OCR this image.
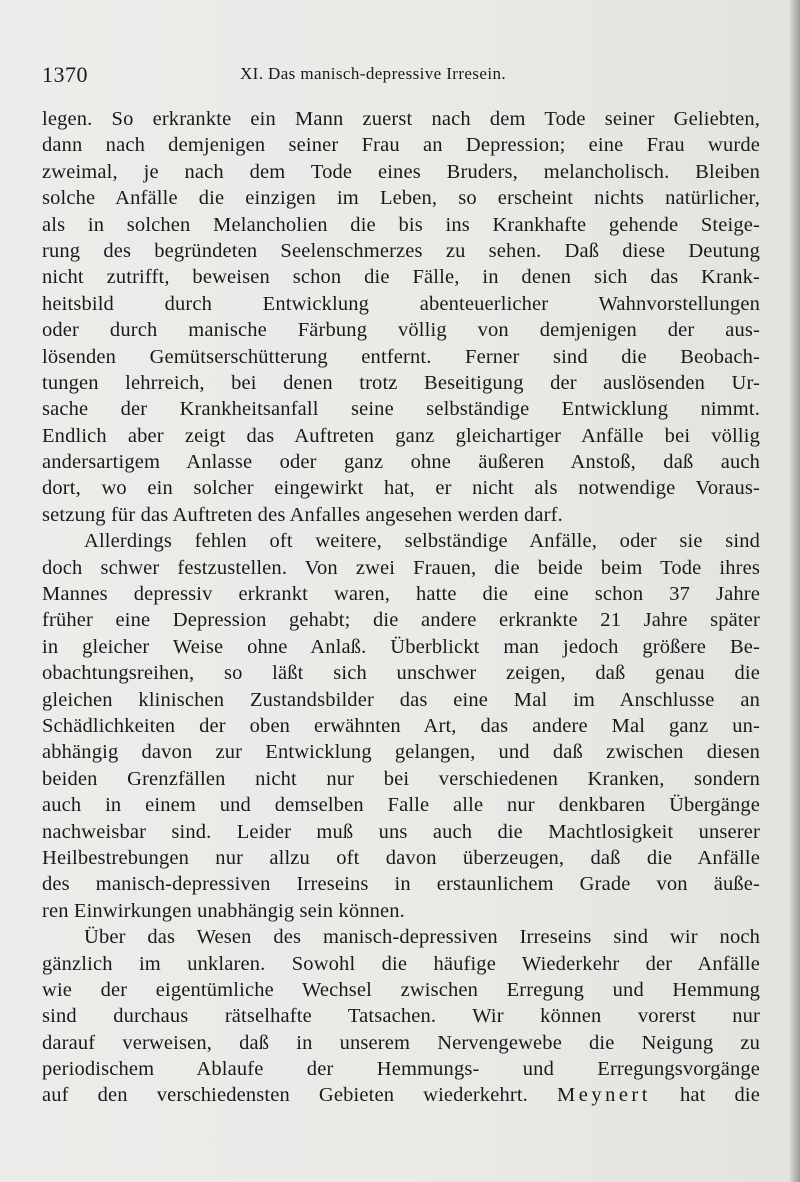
1370	XI. Das manisch-depressive Irresein.
legen. So erkrankte ein Mann zuerst nach dem Tode seiner Geliebten,
dann nach demjenigen seiner Frau an Depression; eine Frau wurde
zweimal, je nach dem Tode eines Bruders, melancholisch. Bleiben
solche Anfälle die einzigen im Leben, so erscheint nichts natürlicher,
als in solchen Melancholien die bis ins Krankhafte gehende Steige-
rung des begründeten Seelenschmerzes zu sehen. Daß diese Deutung
nicht zutrifft, beweisen schon die Fälle, in denen sich das Krank-
heitsbild durch Entwicklung abenteuerlicher Wahnvorstellungen
oder durch manische Färbung völlig von demjenigen der aus-
lösenden Gemütserschütterung entfernt. Ferner sind die Beobach-
tungen lehrreich, bei denen trotz Beseitigung der auslösenden Ur-
sache der Krankheitsanfall seine selbständige Entwicklung nimmt.
Endlich aber zeigt das Auftreten ganz gleichartiger Anfälle bei völlig
andersartigem Anlasse oder ganz ohne äußeren Anstoß, daß auch
dort, wo ein solcher eingewirkt hat, er nicht als notwendige Voraus-
setzung für das Auftreten des Anfalles angesehen werden darf.
Allerdings fehlen oft weitere, selbständige Anfälle, oder sie sind
doch schwer festzustellen. Von zwei Frauen, die beide beim Tode ihres
Mannes depressiv erkrankt waren, hatte die eine schon 37 Jahre
früher eine Depression gehabt; die andere erkrankte 21 Jahre später
in gleicher Weise ohne Anlaß. Überblickt man jedoch größere Be-
obachtungsreihen, so läßt sich unschwer zeigen, daß genau die
gleichen klinischen Zustandsbilder das eine Mal im Anschlusse an
Schädlichkeiten der oben erwähnten Art, das andere Mal ganz un-
abhängig davon zur Entwicklung gelangen, und daß zwischen diesen
beiden Grenzfällen nicht nur bei verschiedenen Kranken, sondern
auch in einem und demselben Falle alle nur denkbaren Übergänge
nachweisbar sind. Leider muß uns auch die Machtlosigkeit unserer
Heilbestrebungen nur allzu oft davon überzeugen, daß die Anfälle
des manisch-depressiven Irreseins in erstaunlichem Grade von äuße-
ren Einwirkungen unabhängig sein können.
Über das Wesen des manisch-depressiven Irreseins sind wir noch
gänzlich im unklaren. Sowohl die häufige Wiederkehr der Anfälle
wie der eigentümliche Wechsel zwischen Erregung und Hemmung
sind durchaus rätselhafte Tatsachen. Wir können vorerst nur
darauf verweisen, daß in unserem Nervengewebe die Neigung zu
periodischem Ablaufe der Hemmungs- und Erregungsvorgänge
auf den verschiedensten Gebieten wiederkehrt. Meynert hat die
